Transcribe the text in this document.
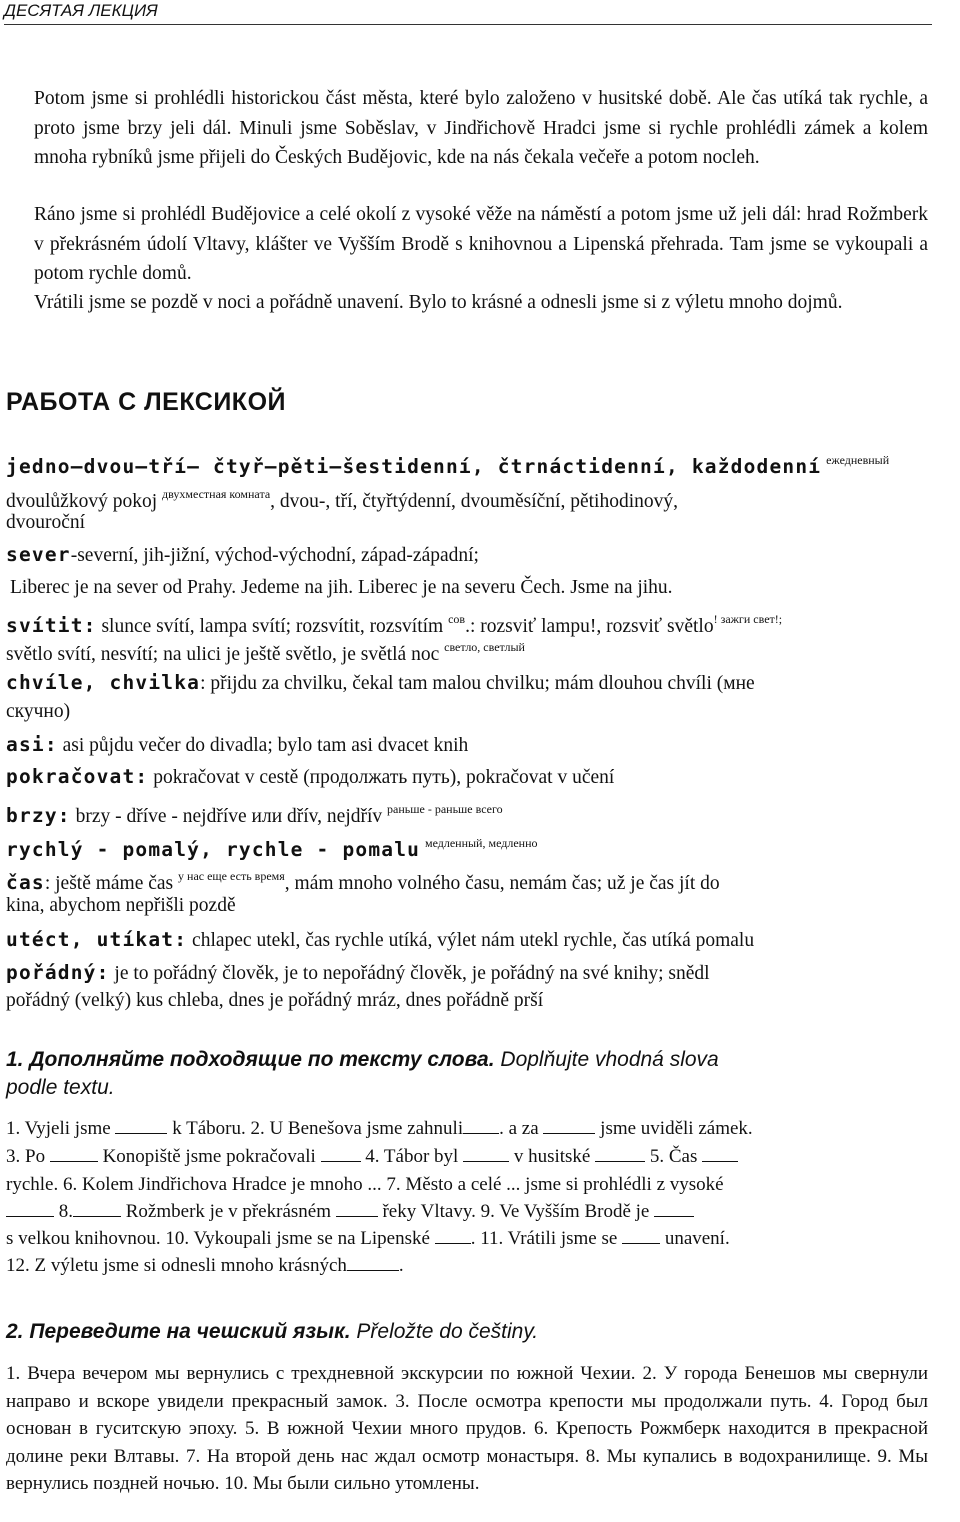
ДЕСЯТАЯ ЛЕКЦИЯ
Potom jsme si prohlédli historickou část města, které bylo založeno v husitské době. Ale čas utíká tak rychle, a proto jsme brzy jeli dál. Minuli jsme Soběslav, v Jindřichově Hradci jsme si rychle prohlédli zámek a kolem mnoha rybníků jsme přijeli do Českých Budějovic, kde na nás čekala večeře a potom nocleh.
Ráno jsme si prohlédl Budějovice a celé okolí z vysoké věže na náměstí a potom jsme už jeli dál: hrad Rožmberk v překrásném údolí Vltavy, klášter ve Vyšším Brodě s knihovnou a Lipenská přehrada. Tam jsme se vykoupali a potom rychle domů.
Vrátili jsme se pozdě v noci a pořádně unavení. Bylo to krásné a odnesli jsme si z výletu mnoho dojmů.
РАБОТА С ЛЕКСИКОЙ
jedno–dvou–tří– čtyř–pěti–šestidenní, čtrnáctidenní, každodenní $^{ежедневный}$
dvoulůžkový pokoj $^{двухместная комната}$, dvou-, tří, čtyřtýdenní, dvouměsíční, pětihodinový,
dvouroční
sever-severní, jih-jižní, východ-východní, západ-západní;
Liberec je na sever od Prahy. Jedeme na jih. Liberec je na severu Čech. Jsme na jihu.
svítit: slunce svítí, lampa svítí; rozsvítit, rozsvítím $^{сов}$.: rozsviť lampu!, rozsviť světlo$^{! зажги свет!;}$
světlo svítí, nesvítí; na ulici je ještě světlo, je světlá noc $^{светло, светлый}$
chvíle, chvilka: přijdu za chvilku, čekal tam malou chvilku; mám dlouhou chvíli (мне
скучно)
asi: asi půjdu večer do divadla; bylo tam asi dvacet knih
pokračovat: pokračovat v cestě (продолжать путь), pokračovat v učení
brzy: brzy - dříve - nejdříve или dřív, nejdřív $^{раньше - раньше всего}$
rychlý - pomalý, rychle - pomalu $^{медленный, медленно}$
čas: ještě máme čas $^{у нас еще есть время}$, mám mnoho volného času, nemám čas; už je čas jít do
kina, abychom nepřišli pozdě
utéct, utíkat: chlapec utekl, čas rychle utíká, výlet nám utekl rychle, čas utíká pomalu
pořádný: je to pořádný člověk, je to nepořádný člověk, je pořádný na své knihy; snědl
pořádný (velký) kus chleba, dnes je pořádný mráz, dnes pořádně prší
1. Дополняйте подходящие по тексту слова. Doplňujte vhodná slova
podle textu.
1. Vyjeli jsme	k Táboru. 2. U Benešova jsme zahnuli . a za	jsme uviděli zámek.
3. Po	Konopiště jsme pokračovali	4. Tábor byl	v husitské	5. Čas
rychle. 6. Kolem Jindřichova Hradce je mnoho ... 7. Město a celé ... jsme si prohlédli z vysoké
8.	Rožmberk je v překrásném	řeky Vltavy. 9. Ve Vyšším Brodě je
s velkou knihovnou. 10. Vykoupali jsme se na Lipenské . 11. Vrátili jsme se	unavení.
12. Z výletu jsme si odnesli mnoho krásných	.
2. Переведите на чешский язык. Přeložte do češtiny.
1. Вчера вечером мы вернулись с трехдневной экскурсии по южной Чехии. 2. У города Бенешов мы свернули направо и вскоре увидели прекрасный замок. 3. После осмотра крепости мы продолжали путь. 4. Город был основан в гуситскую эпоху. 5. В южной Чехии много прудов. 6. Крепость Рожмберк находится в прекрасной долине реки Влтавы. 7. На второй день нас ждал осмотр монастыря. 8. Мы купались в водохранилище. 9. Мы вернулись поздней ночью. 10. Мы были сильно утомлены.
